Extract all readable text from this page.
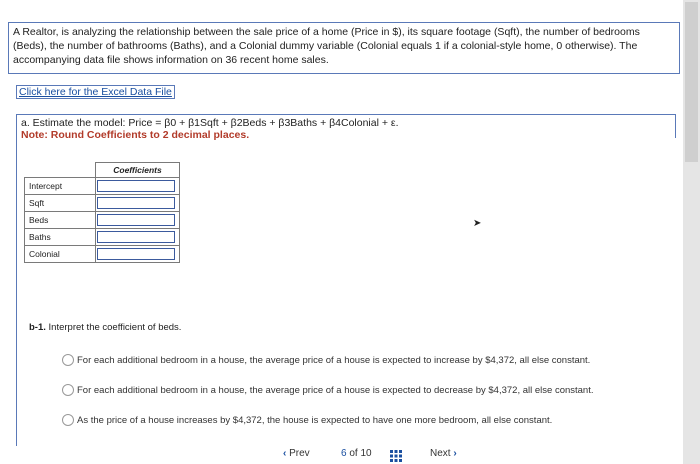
A Realtor, is analyzing the relationship between the sale price of a home (Price in $), its square footage (Sqft), the number of bedrooms (Beds), the number of bathrooms (Baths), and a Colonial dummy variable (Colonial equals 1 if a colonial-style home, 0 otherwise). The accompanying data file shows information on 36 recent home sales.
Click here for the Excel Data File
a. Estimate the model: Price = β0 + β1Sqft + β2Beds + β3Baths + β4Colonial + ε.
Note: Round Coefficients to 2 decimal places.
	Coefficients
Intercept	
Sqft	
Beds	
Baths	
Colonial	
b-1. Interpret the coefficient of beds.
For each additional bedroom in a house, the average price of a house is expected to increase by $4,372, all else constant.
For each additional bedroom in a house, the average price of a house is expected to decrease by $4,372, all else constant.
As the price of a house increases by $4,372, the house is expected to have one more bedroom, all else constant.
‹ Prev	6 of 10	Next ›
➤
